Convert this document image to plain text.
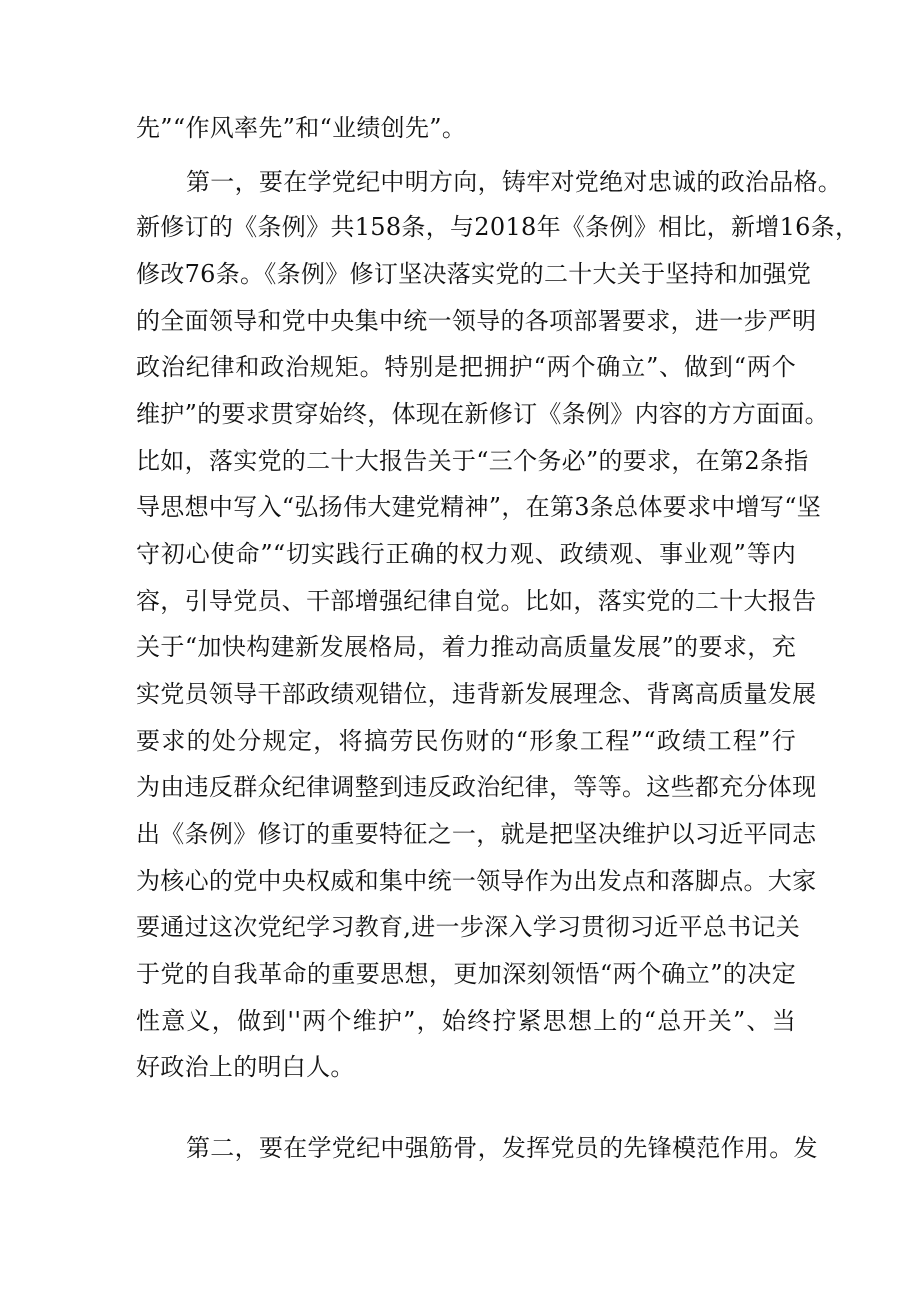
先”“作风率先”和“业绩创先”。
第一，要在学党纪中明方向，铸牢对党绝对忠诚的政治品格。
新修订的《条例》共158条，与2018年《条例》相比，新增16条，
修改76条。《条例》修订坚决落实党的二十大关于坚持和加强党
的全面领导和党中央集中统一领导的各项部署要求，进一步严明
政治纪律和政治规矩。特别是把拥护“两个确立”、做到“两个
维护”的要求贯穿始终，体现在新修订《条例》内容的方方面面。
比如，落实党的二十大报告关于“三个务必”的要求，在第2条指
导思想中写入“弘扬伟大建党精神”，在第3条总体要求中增写“坚
守初心使命”“切实践行正确的权力观、政绩观、事业观”等内
容，引导党员、干部增强纪律自觉。比如，落实党的二十大报告
关于“加快构建新发展格局，着力推动高质量发展”的要求，充
实党员领导干部政绩观错位，违背新发展理念、背离高质量发展
要求的处分规定，将搞劳民伤财的“形象工程”“政绩工程”行
为由违反群众纪律调整到违反政治纪律，等等。这些都充分体现
出《条例》修订的重要特征之一，就是把坚决维护以习近平同志
为核心的党中央权威和集中统一领导作为出发点和落脚点。大家
要通过这次党纪学习教育,进一步深入学习贯彻习近平总书记关
于党的自我革命的重要思想，更加深刻领悟“两个确立”的决定
性意义，做到''两个维护”，始终拧紧思想上的“总开关”、当
好政治上的明白人。
第二，要在学党纪中强筋骨，发挥党员的先锋模范作用。发
